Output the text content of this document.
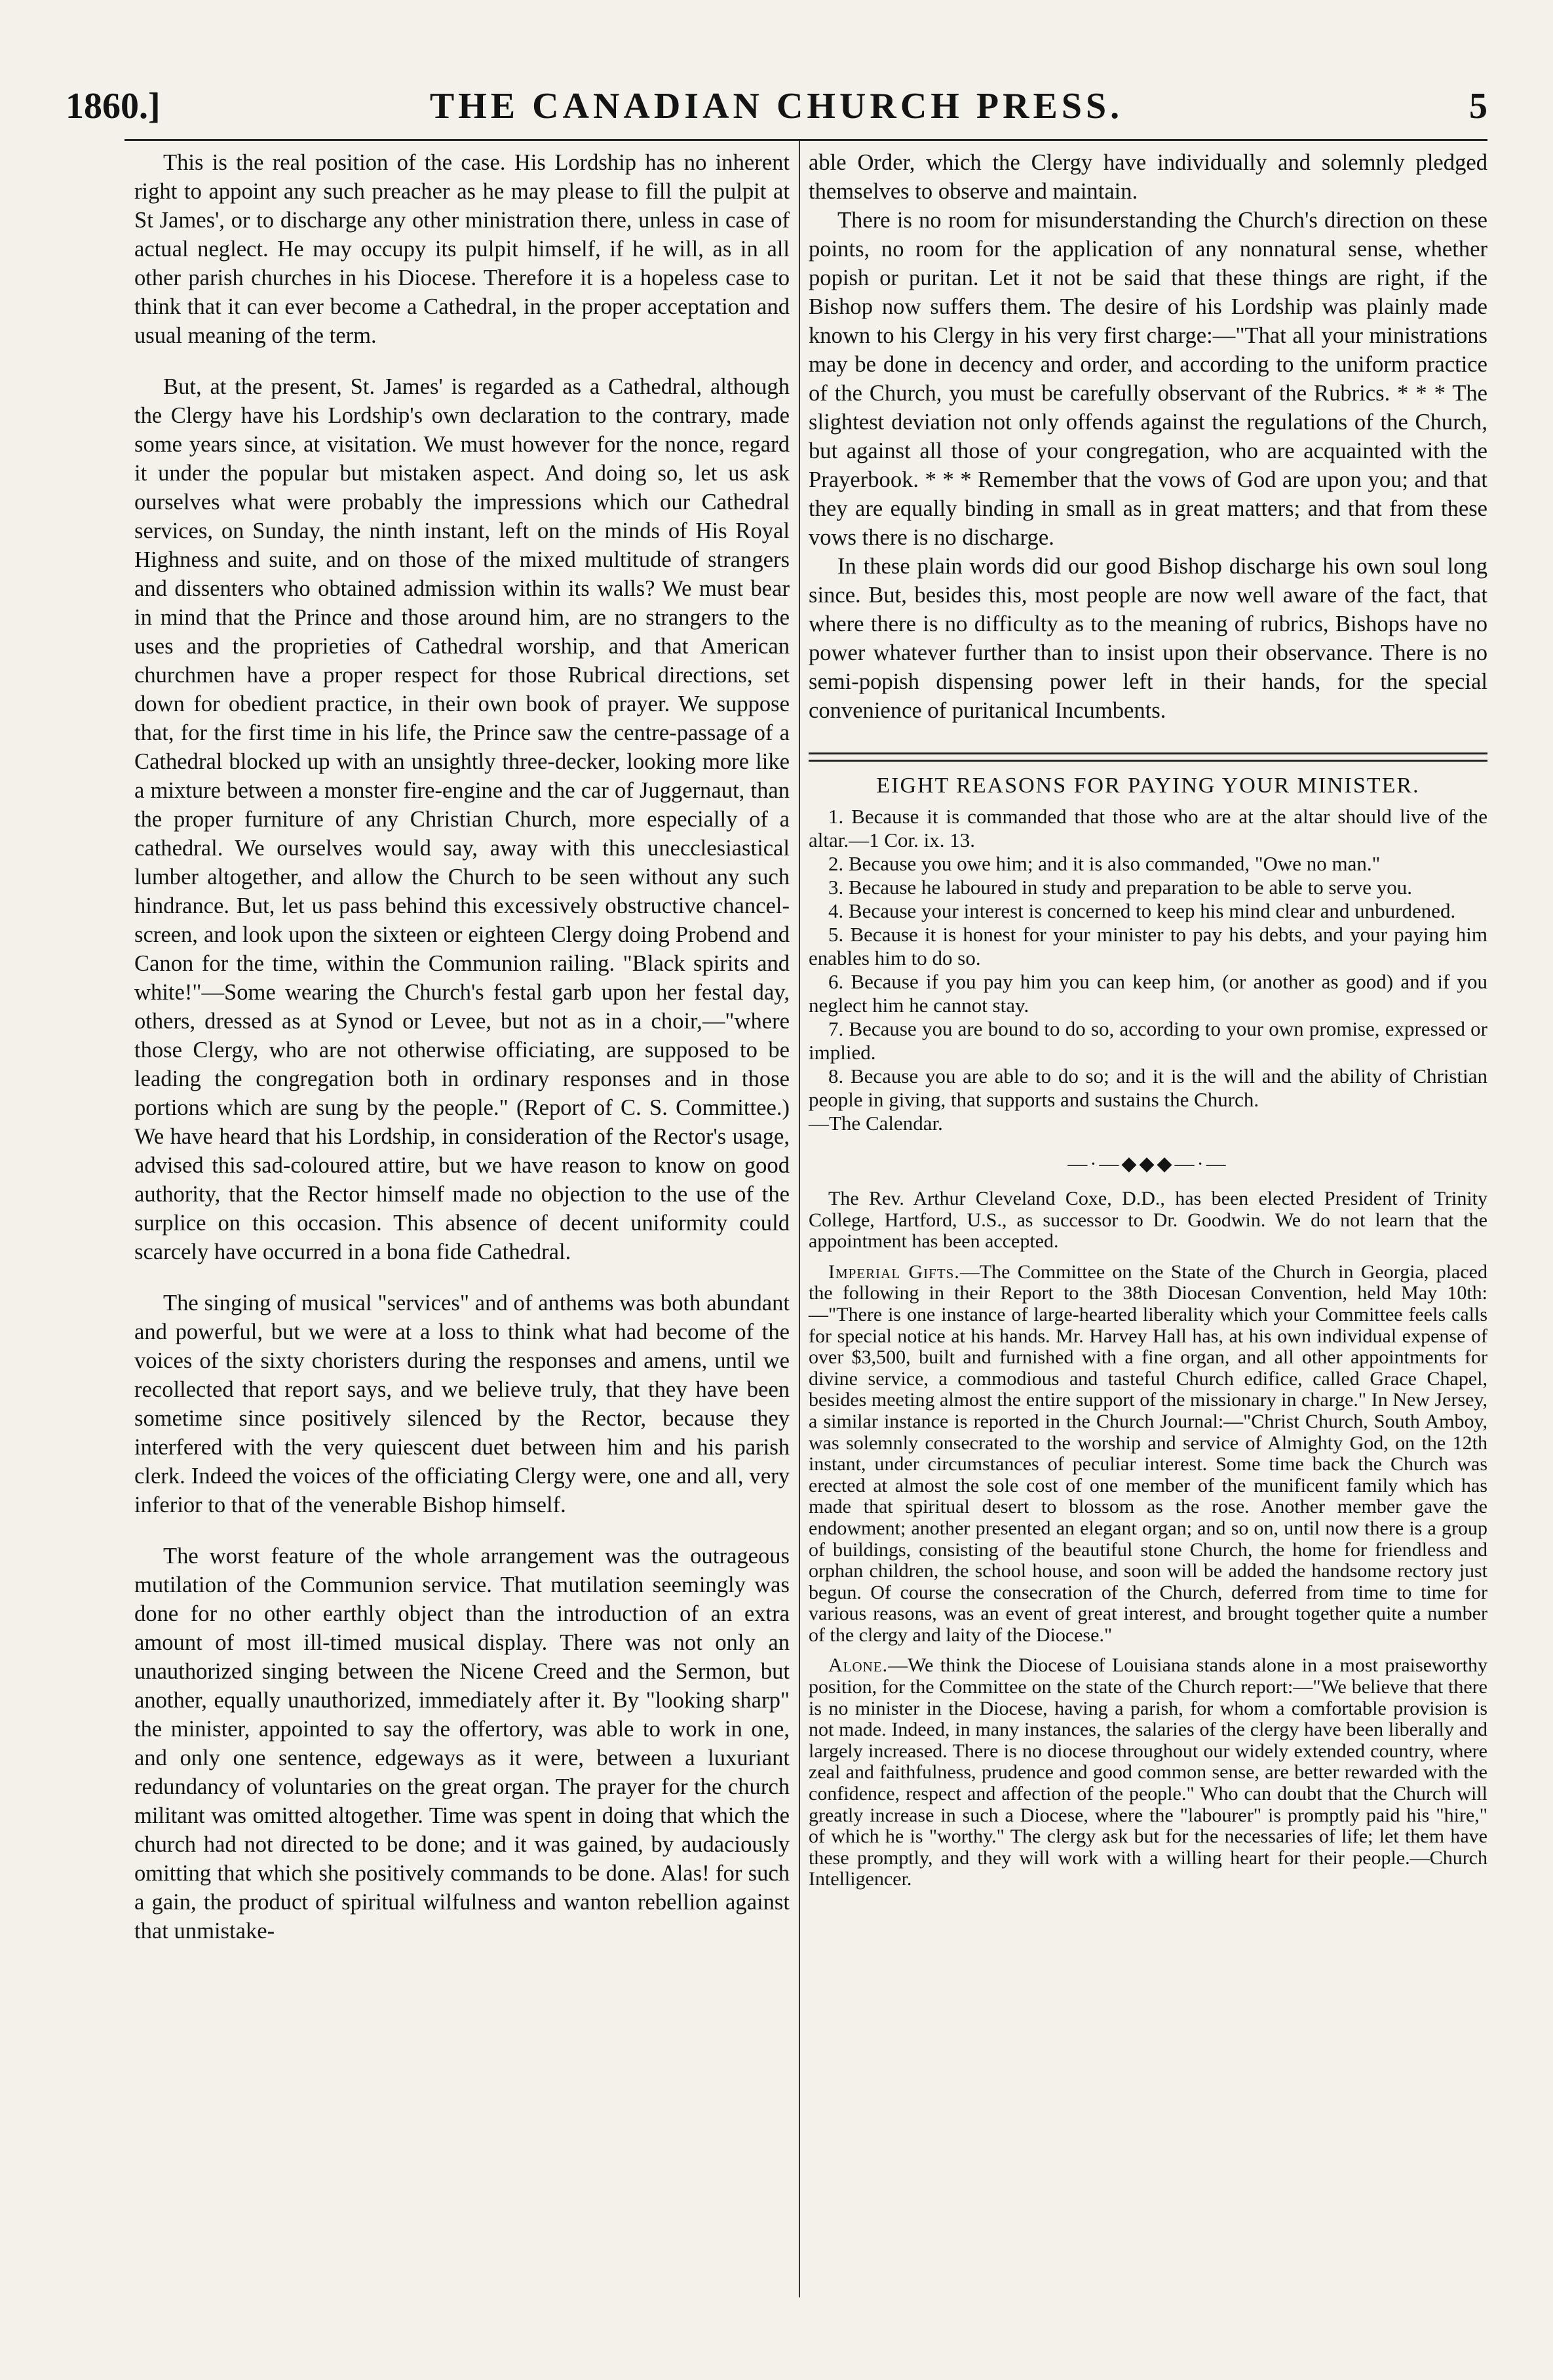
1860.]	THE CANADIAN CHURCH PRESS.	5

This is the real position of the case. His Lordship has no inherent right to appoint any such preacher as he may please to fill the pulpit at St James', or to discharge any other ministration there, unless in case of actual neglect. He may occupy its pulpit himself, if he will, as in all other parish churches in his Diocese. Therefore it is a hopeless case to think that it can ever become a Cathedral, in the proper acceptation and usual meaning of the term.

But, at the present, St. James' is regarded as a Cathedral, although the Clergy have his Lordship's own declaration to the contrary, made some years since, at visitation. We must however for the nonce, regard it under the popular but mistaken aspect. And doing so, let us ask ourselves what were probably the impressions which our Cathedral services, on Sunday, the ninth instant, left on the minds of His Royal Highness and suite, and on those of the mixed multitude of strangers and dissenters who obtained admission within its walls? We must bear in mind that the Prince and those around him, are no strangers to the uses and the proprieties of Cathedral worship, and that American churchmen have a proper respect for those Rubrical directions, set down for obedient practice, in their own book of prayer. We suppose that, for the first time in his life, the Prince saw the centre-passage of a Cathedral blocked up with an unsightly three-decker, looking more like a mixture between a monster fire-engine and the car of Juggernaut, than the proper furniture of any Christian Church, more especially of a cathedral. We ourselves would say, away with this unecclesiastical lumber altogether, and allow the Church to be seen without any such hindrance. But, let us pass behind this excessively obstructive chancel-screen, and look upon the sixteen or eighteen Clergy doing Probend and Canon for the time, within the Communion railing. "Black spirits and white!"—Some wearing the Church's festal garb upon her festal day, others, dressed as at Synod or Levee, but not as in a choir,—"where those Clergy, who are not otherwise officiating, are supposed to be leading the congregation both in ordinary responses and in those portions which are sung by the people." (Report of C. S. Committee.) We have heard that his Lordship, in consideration of the Rector's usage, advised this sad-coloured attire, but we have reason to know on good authority, that the Rector himself made no objection to the use of the surplice on this occasion. This absence of decent uniformity could scarcely have occurred in a bona fide Cathedral.

The singing of musical "services" and of anthems was both abundant and powerful, but we were at a loss to think what had become of the voices of the sixty choristers during the responses and amens, until we recollected that report says, and we believe truly, that they have been sometime since positively silenced by the Rector, because they interfered with the very quiescent duet between him and his parish clerk. Indeed the voices of the officiating Clergy were, one and all, very inferior to that of the venerable Bishop himself.

The worst feature of the whole arrangement was the outrageous mutilation of the Communion service. That mutilation seemingly was done for no other earthly object than the introduction of an extra amount of most ill-timed musical display. There was not only an unauthorized singing between the Nicene Creed and the Sermon, but another, equally unauthorized, immediately after it. By "looking sharp" the minister, appointed to say the offertory, was able to work in one, and only one sentence, edgeways as it were, between a luxuriant redundancy of voluntaries on the great organ. The prayer for the church militant was omitted altogether. Time was spent in doing that which the church had not directed to be done; and it was gained, by audaciously omitting that which she positively commands to be done. Alas! for such a gain, the product of spiritual wilfulness and wanton rebellion against that unmistake-

able Order, which the Clergy have individually and solemnly pledged themselves to observe and maintain.

There is no room for misunderstanding the Church's direction on these points, no room for the application of any nonnatural sense, whether popish or puritan. Let it not be said that these things are right, if the Bishop now suffers them. The desire of his Lordship was plainly made known to his Clergy in his very first charge:—"That all your ministrations may be done in decency and order, and according to the uniform practice of the Church, you must be carefully observant of the Rubrics. * * * The slightest deviation not only offends against the regulations of the Church, but against all those of your congregation, who are acquainted with the Prayerbook. * * * Remember that the vows of God are upon you; and that they are equally binding in small as in great matters; and that from these vows there is no discharge.

In these plain words did our good Bishop discharge his own soul long since. But, besides this, most people are now well aware of the fact, that where there is no difficulty as to the meaning of rubrics, Bishops have no power whatever further than to insist upon their observance. There is no semi-popish dispensing power left in their hands, for the special convenience of puritanical Incumbents.

EIGHT REASONS FOR PAYING YOUR MINISTER.

1. Because it is commanded that those who are at the altar should live of the altar.—1 Cor. ix. 13.

2. Because you owe him; and it is also commanded, "Owe no man."

3. Because he laboured in study and preparation to be able to serve you.

4. Because your interest is concerned to keep his mind clear and unburdened.

5. Because it is honest for your minister to pay his debts, and your paying him enables him to do so.

6. Because if you pay him you can keep him, (or another as good) and if you neglect him he cannot stay.

7. Because you are bound to do so, according to your own promise, expressed or implied.

8. Because you are able to do so; and it is the will and the ability of Christian people in giving, that supports and sustains the Church.

—The Calendar.

—·—◆◆◆—·—

The Rev. Arthur Cleveland Coxe, D.D., has been elected President of Trinity College, Hartford, U.S., as successor to Dr. Goodwin. We do not learn that the appointment has been accepted.

Imperial Gifts.—The Committee on the State of the Church in Georgia, placed the following in their Report to the 38th Diocesan Convention, held May 10th:—"There is one instance of large-hearted liberality which your Committee feels calls for special notice at his hands. Mr. Harvey Hall has, at his own individual expense of over $3,500, built and furnished with a fine organ, and all other appointments for divine service, a commodious and tasteful Church edifice, called Grace Chapel, besides meeting almost the entire support of the missionary in charge." In New Jersey, a similar instance is reported in the Church Journal:—"Christ Church, South Amboy, was solemnly consecrated to the worship and service of Almighty God, on the 12th instant, under circumstances of peculiar interest. Some time back the Church was erected at almost the sole cost of one member of the munificent family which has made that spiritual desert to blossom as the rose. Another member gave the endowment; another presented an elegant organ; and so on, until now there is a group of buildings, consisting of the beautiful stone Church, the home for friendless and orphan children, the school house, and soon will be added the handsome rectory just begun. Of course the consecration of the Church, deferred from time to time for various reasons, was an event of great interest, and brought together quite a number of the clergy and laity of the Diocese."

Alone.—We think the Diocese of Louisiana stands alone in a most praiseworthy position, for the Committee on the state of the Church report:—"We believe that there is no minister in the Diocese, having a parish, for whom a comfortable provision is not made. Indeed, in many instances, the salaries of the clergy have been liberally and largely increased. There is no diocese throughout our widely extended country, where zeal and faithfulness, prudence and good common sense, are better rewarded with the confidence, respect and affection of the people." Who can doubt that the Church will greatly increase in such a Diocese, where the "labourer" is promptly paid his "hire," of which he is "worthy." The clergy ask but for the necessaries of life; let them have these promptly, and they will work with a willing heart for their people.—Church Intelligencer.
